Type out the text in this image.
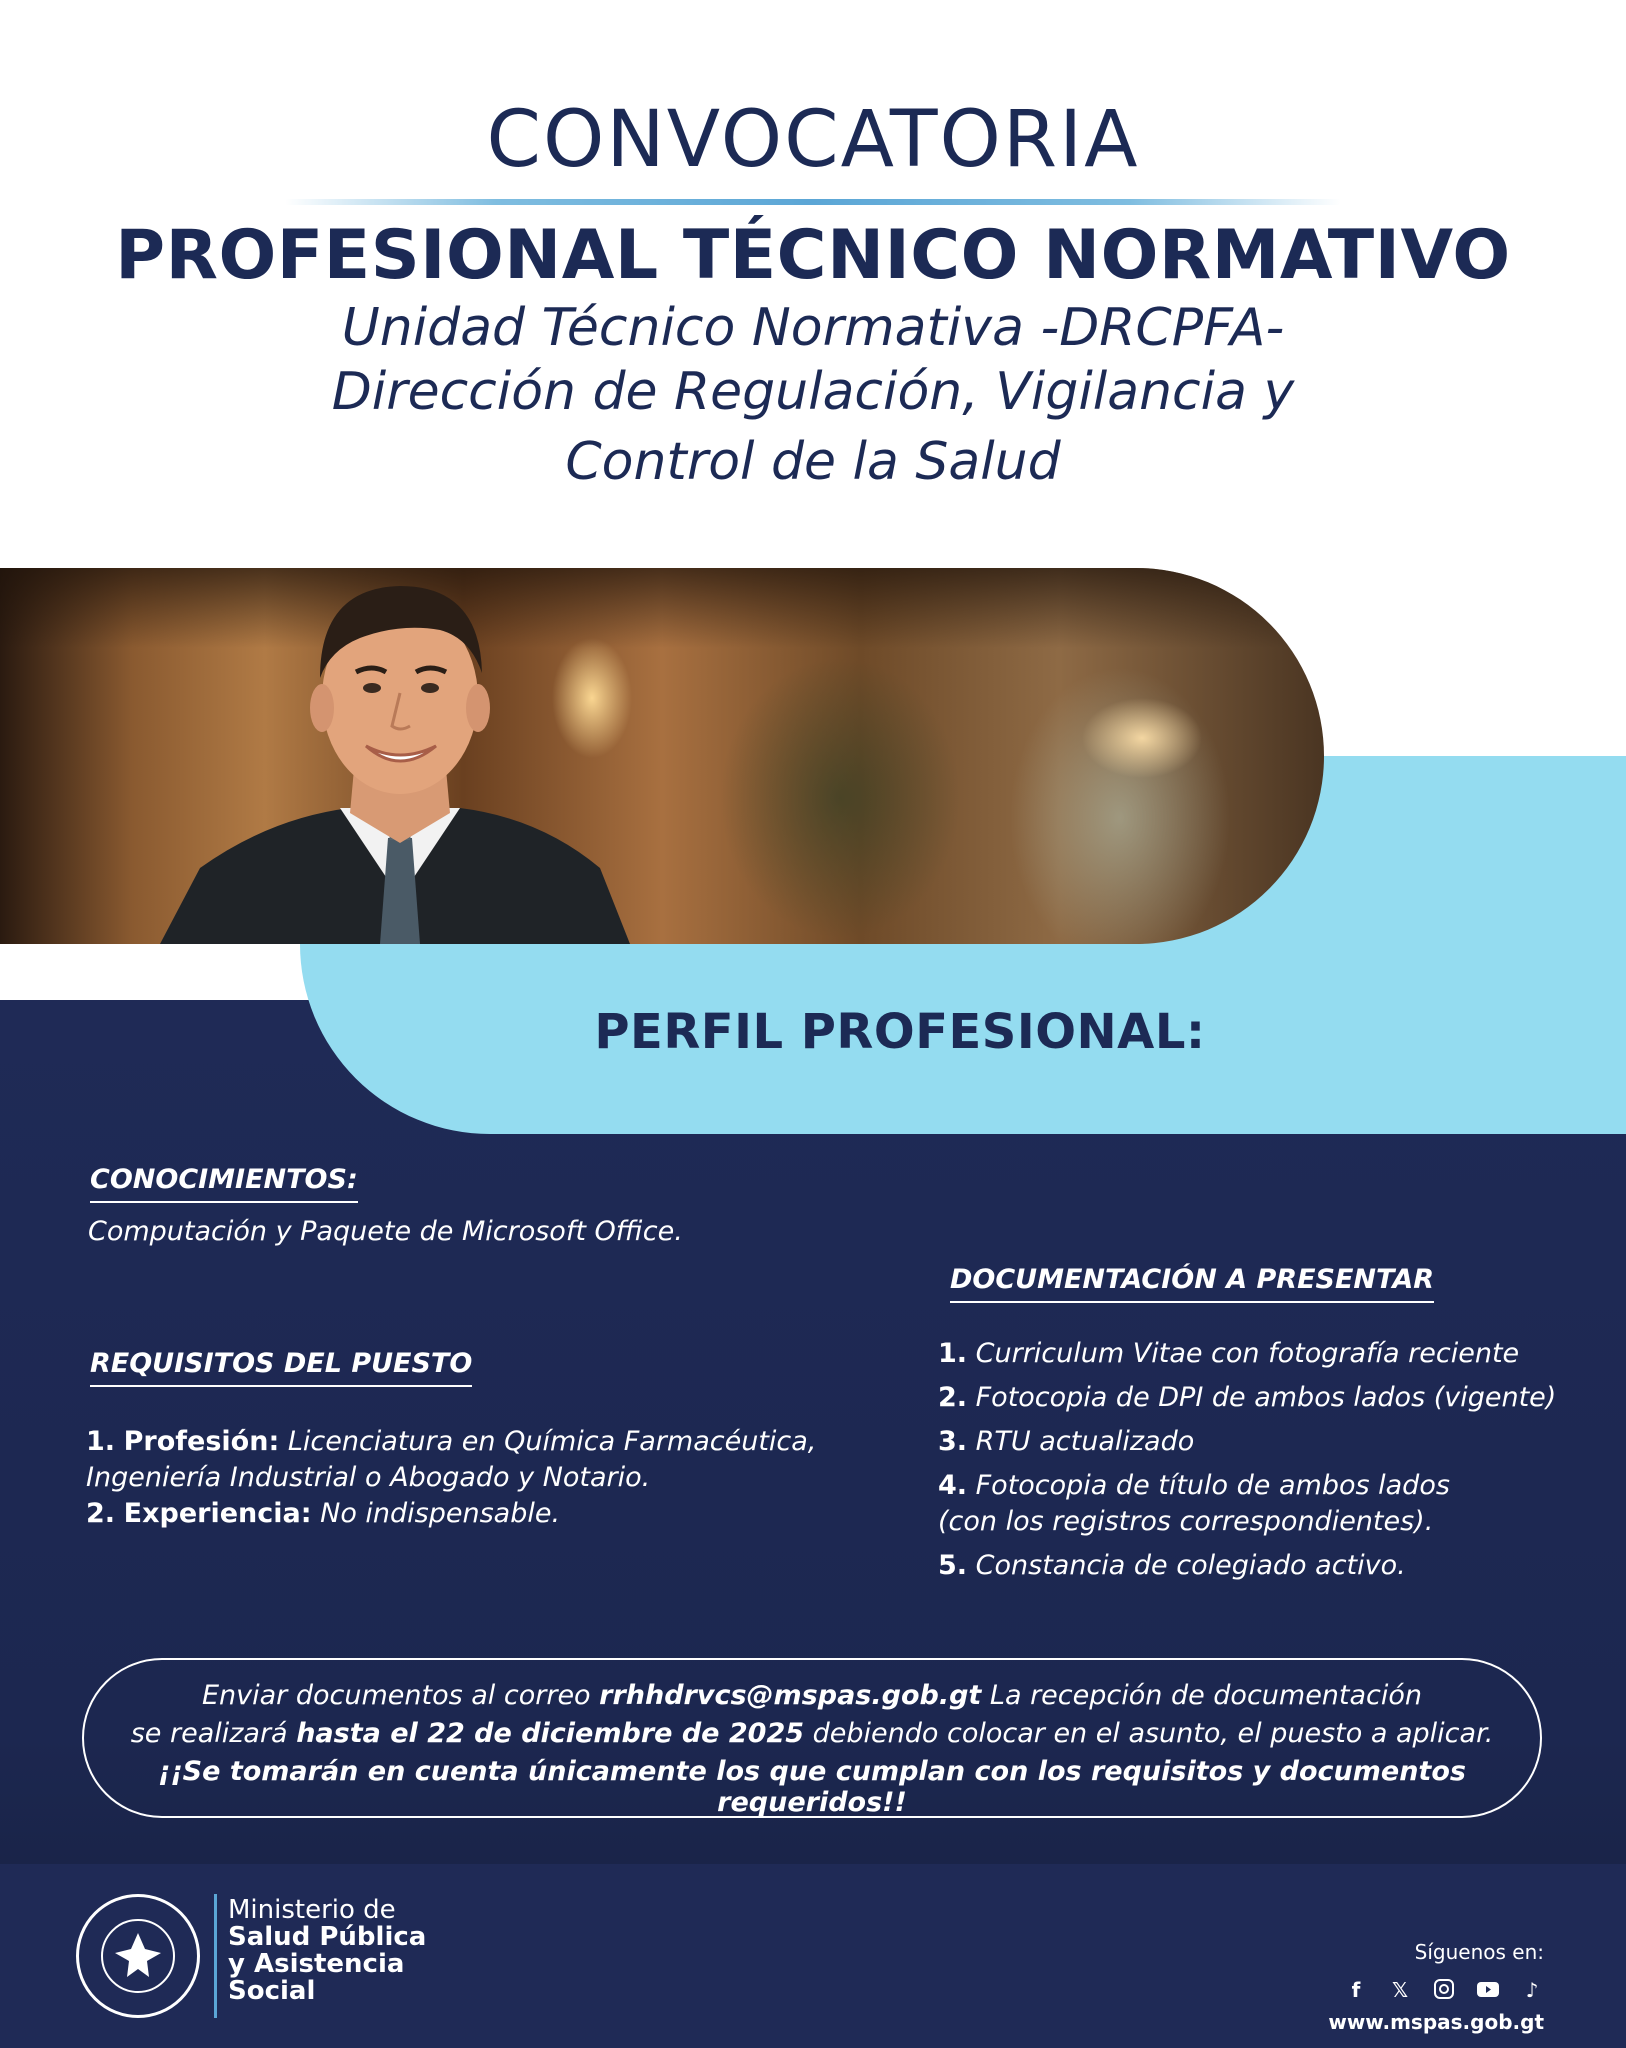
CONVOCATORIA
PROFESIONAL TÉCNICO NORMATIVO
Unidad Técnico Normativa -DRCPFA-
Dirección de Regulación, Vigilancia y
Control de la Salud
PERFIL PROFESIONAL:
CONOCIMIENTOS:
Computación y Paquete de Microsoft Office.
REQUISITOS DEL PUESTO
1. Profesión: Licenciatura en Química Farmacéutica,
Ingeniería Industrial o Abogado y Notario.
2. Experiencia: No indispensable.
DOCUMENTACIÓN A PRESENTAR
1. Curriculum Vitae con fotografía reciente
2. Fotocopia de DPI de ambos lados (vigente)
3. RTU actualizado
4. Fotocopia de título de ambos lados
(con los registros correspondientes).
5. Constancia de colegiado activo.
Enviar documentos al correo rrhhdrvcs@mspas.gob.gt La recepción de documentación
se realizará hasta el 22 de diciembre de 2025 debiendo colocar en el asunto, el puesto a aplicar.
¡¡Se tomarán en cuenta únicamente los que cumplan con los requisitos y documentos requeridos!!
Ministerio de
Salud Pública
y Asistencia
Social
Síguenos en:
f	𝕏	♪
www.mspas.gob.gt
